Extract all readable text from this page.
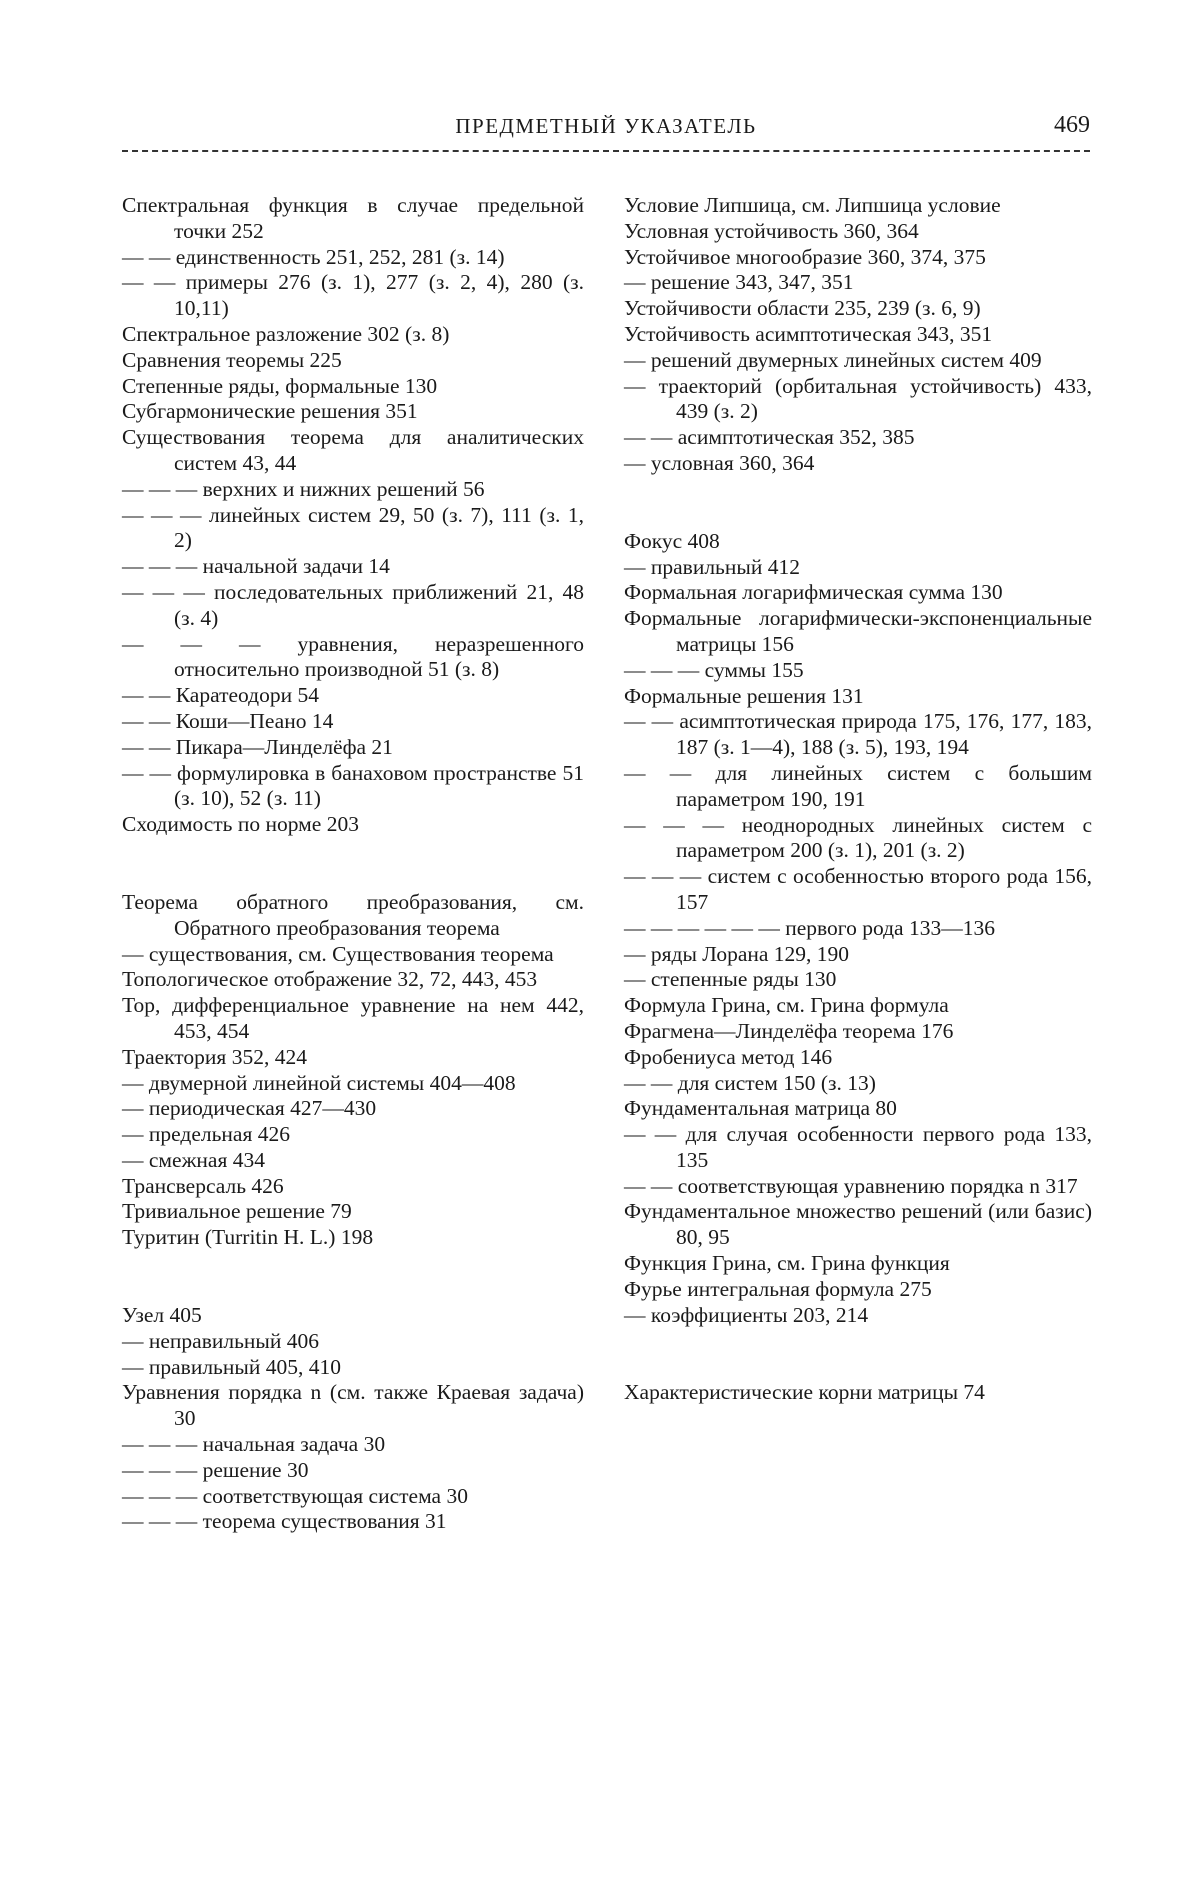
ПРЕДМЕТНЫЙ УКАЗАТЕЛЬ	469
Спектральная функция в случае предельной точки 252
— — единственность 251, 252, 281 (з. 14)
— — примеры 276 (з. 1), 277 (з. 2, 4), 280 (з. 10,11)
Спектральное разложение 302 (з. 8)
Сравнения теоремы 225
Степенные ряды, формальные 130
Субгармонические решения 351
Существования теорема для аналитических систем 43, 44
— — — верхних и нижних решений 56
— — — линейных систем 29, 50 (з. 7), 111 (з. 1, 2)
— — — начальной задачи 14
— — — последовательных приближений 21, 48 (з. 4)
— — — уравнения, неразрешенного относительно производной 51 (з. 8)
— — Каратеодори 54
— — Коши—Пеано 14
— — Пикара—Линделёфа 21
— — формулировка в банаховом пространстве 51 (з. 10), 52 (з. 11)
Сходимость по норме 203
Теорема обратного преобразования, см. Обратного преобразования теорема
— существования, см. Существования теорема
Топологическое отображение 32, 72, 443, 453
Тор, дифференциальное уравнение на нем 442, 453, 454
Траектория 352, 424
— двумерной линейной системы 404—408
— периодическая 427—430
— предельная 426
— смежная 434
Трансверсаль 426
Тривиальное решение 79
Туритин (Turritin H. L.) 198
Узел 405
— неправильный 406
— правильный 405, 410
Уравнения порядка n (см. также Краевая задача) 30
— — — начальная задача 30
— — — решение 30
— — — соответствующая система 30
— — — теорема существования 31
Условие Липшица, см. Липшица условие
Условная устойчивость 360, 364
Устойчивое многообразие 360, 374, 375
— решение 343, 347, 351
Устойчивости области 235, 239 (з. 6, 9)
Устойчивость асимптотическая 343, 351
— решений двумерных линейных систем 409
— траекторий (орбитальная устойчивость) 433, 439 (з. 2)
— — асимптотическая 352, 385
— условная 360, 364
Фокус 408
— правильный 412
Формальная логарифмическая сумма 130
Формальные логарифмически-экспоненциальные матрицы 156
— — — суммы 155
Формальные решения 131
— — асимптотическая природа 175, 176, 177, 183, 187 (з. 1—4), 188 (з. 5), 193, 194
— — для линейных систем с большим параметром 190, 191
— — — неоднородных линейных систем с параметром 200 (з. 1), 201 (з. 2)
— — — систем с особенностью второго рода 156, 157
— — — — — — первого рода 133—136
— ряды Лорана 129, 190
— степенные ряды 130
Формула Грина, см. Грина формула
Фрагмена—Линделёфа теорема 176
Фробениуса метод 146
— — для систем 150 (з. 13)
Фундаментальная матрица 80
— — для случая особенности первого рода 133, 135
— — соответствующая уравнению порядка n 317
Фундаментальное множество решений (или базис) 80, 95
Функция Грина, см. Грина функция
Фурье интегральная формула 275
— коэффициенты 203, 214
Характеристические корни матрицы 74
